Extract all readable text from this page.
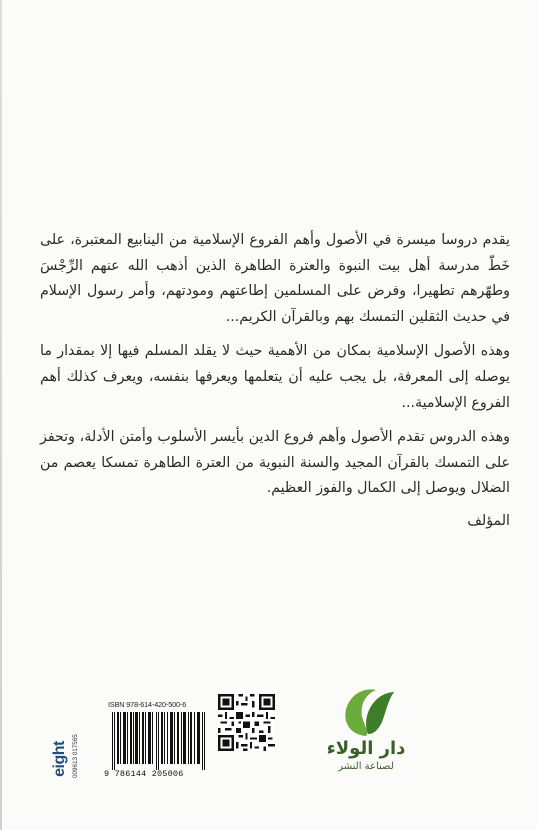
يقدم دروسا ميسرة في الأصول وأهم الفروع الإسلامية من الينابيع المعتبرة، على خَطّ مدرسة أهل بيت النبوة والعترة الطاهرة الذين أذهب الله عنهم الرِّجْسَ وطهّرهم تطهيرا، وفرض على المسلمين إطاعتهم ومودتهم، وأمر رسول الإسلام في حديث الثقلين التمسك بهم وبالقرآن الكريم...

وهذه الأصول الإسلامية بمكان من الأهمية حيث لا يقلد المسلم فيها إلا بمقدار ما يوصله إلى المعرفة، بل يجب عليه أن يتعلمها ويعرفها بنفسه، ويعرف كذلك أهم الفروع الإسلامية...

وهذه الدروس تقدم الأصول وأهم فروع الدين بأيسر الأسلوب وأمتن الأدلة، وتحفز على التمسك بالقرآن المجيد والسنة النبوية من العترة الطاهرة تمسكا يعصم من الضلال ويوصل إلى الكمال والفوز العظيم.

المؤلف

دار الولاء
لصناعة النشر
ISBN 978-614-420-500-6
9 786144 205006
eight 009613 017565
